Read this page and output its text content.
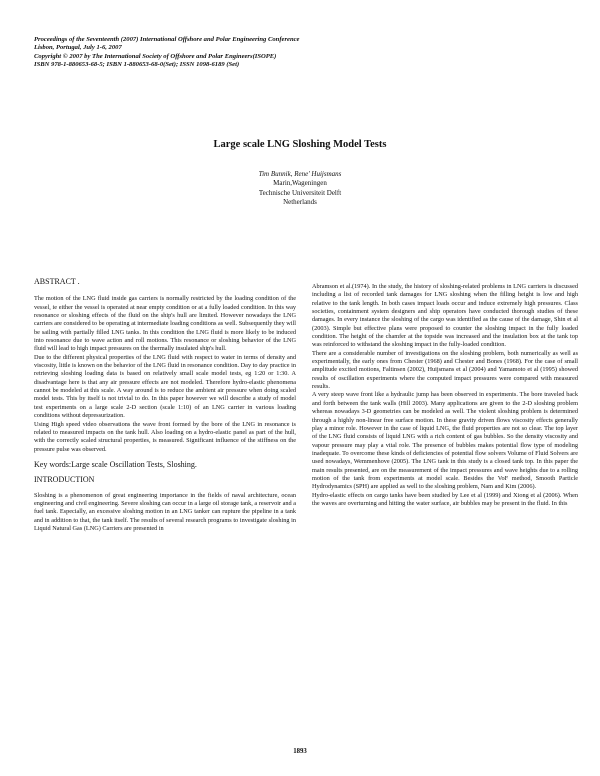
Proceedings of the Seventeenth (2007) International Offshore and Polar Engineering Conference
Lisbon, Portugal, July 1-6, 2007
Copyright © 2007 by The International Society of Offshore and Polar Engineers(ISOPE)
ISBN 978-1-880653-68-5; ISBN 1-880653-68-0(Set); ISSN 1098-6189 (Set)
Large scale LNG Sloshing Model Tests
Tim Bunnik, Rene' Huijsmans
Marin,Wageningen
Technische Universiteit Delft
Netherlands
ABSTRACT .

The motion of the LNG fluid inside gas carriers is normally restricted by the loading condition of the vessel, ie either the vessel is operated at near empty condition or at a fully loaded condition. In this way resonance or sloshing effects of the fluid on the ship's hull are limited. However nowadays the LNG carriers are considered to be operating at intermediate loading conditions as well. Subsequently they will be sailing with partially filled LNG tanks. In this condition the LNG fluid is more likely to be induced into resonance due to wave action and roll motions. This resonance or sloshing behavior of the LNG fluid will lead to high impact pressures on the thermally insulated ship's hull.

Due to the different physical properties of the LNG fluid with respect to water in terms of density and viscosity, little is known on the behavior of the LNG fluid in resonance condition. Day to day practice in retrieving sloshing loading data is based on relatively small scale model tests, eg 1:20 or 1:30. A disadvantage here is that any air pressure effects are not modeled. Therefore hydro-elastic phenomena cannot be modeled at this scale. A way around is to reduce the ambient air pressure when doing scaled model tests. This by itself is not trivial to do. In this paper however we will describe a study of model test experiments on a large scale 2-D section (scale 1:10) of an LNG carrier in various loading conditions without depressurization.

Using High speed video observations the wave front formed by the bore of the LNG in resonance is related to measured impacts on the tank hull. Also loading on a hydro-elastic panel as part of the hull, with the correctly scaled structural properties, is measured. Significant influence of the stiffness on the pressure pulse was observed.

Key words:Large scale Oscillation Tests, Sloshing.
INTRODUCTION

Sloshing is a phenomenon of great engineering importance in the fields of naval architecture, ocean engineering and civil engineering. Severe sloshing can occur in a large oil storage tank, a reservoir and a fuel tank. Especially, an excessive sloshing motion in an LNG tanker can rupture the pipeline in a tank and in addition to that, the tank itself. The results of several research programs to investigate sloshing in Liquid Natural Gas (LNG) Carriers are presented in

Abramson et al.(1974). In the study, the history of sloshing-related problems in LNG carriers is discussed including a list of recorded tank damages for LNG sloshing when the filling height is low and high relative to the tank length. In both cases impact loads occur and induce extremely high pressures. Class societies, containment system designers and ship operators have conducted thorough studies of these damages. In every instance the sloshing of the cargo was identified as the cause of the damage, Shin et al (2003). Simple but effective plans were proposed to counter the sloshing impact in the fully loaded condition. The height of the chamfer at the topside was increased and the insulation box at the tank top was reinforced to withstand the sloshing impact in the fully-loaded condition.

There are a considerable number of investigations on the sloshing problem, both numerically as well as experimentally, the early ones from Chester (1968) and Chester and Bones (1968). For the case of small amplitude excited motions, Faltinsen (2002), Huijsmans et al (2004) and Yamamoto et al (1995) showed results of oscillation experiments where the computed impact pressures were compared with measured results.

A very steep wave front like a hydraulic jump has been observed in experiments. The bore traveled back and forth between the tank walls (Hill 2003). Many applications are given to the 2-D sloshing problem whereas nowadays 3-D geometries can be modeled as well. The violent sloshing problem is determined through a highly non-linear free surface motion. In these gravity driven flows viscosity effects generally play a minor role. However in the case of liquid LNG, the fluid properties are not so clear. The top layer of the LNG fluid consists of liquid LNG with a rich content of gas bubbles. So the density viscosity and vapour pressure may play a vital role. The presence of bubbles makes potential flow type of modeling inadequate. To overcome these kinds of deficiencies of potential flow solvers Volume of Fluid Solvers are used nowadays, Wemmenhove (2005). The LNG tank in this study is a closed tank top. In this paper the main results presented, are on the measurement of the impact pressures and wave heights due to a rolling motion of the tank from experiments at model scale. Besides the VoF method, Smooth Particle Hydrodynamics (SPH) are applied as well to the sloshing problem, Nam and Kim (2006).

Hydro-elastic effects on cargo tanks have been studied by Lee et al (1999) and Xiong et al (2006). When the waves are overturning and hitting the water surface, air bubbles may be present in the fluid. In this

1893
